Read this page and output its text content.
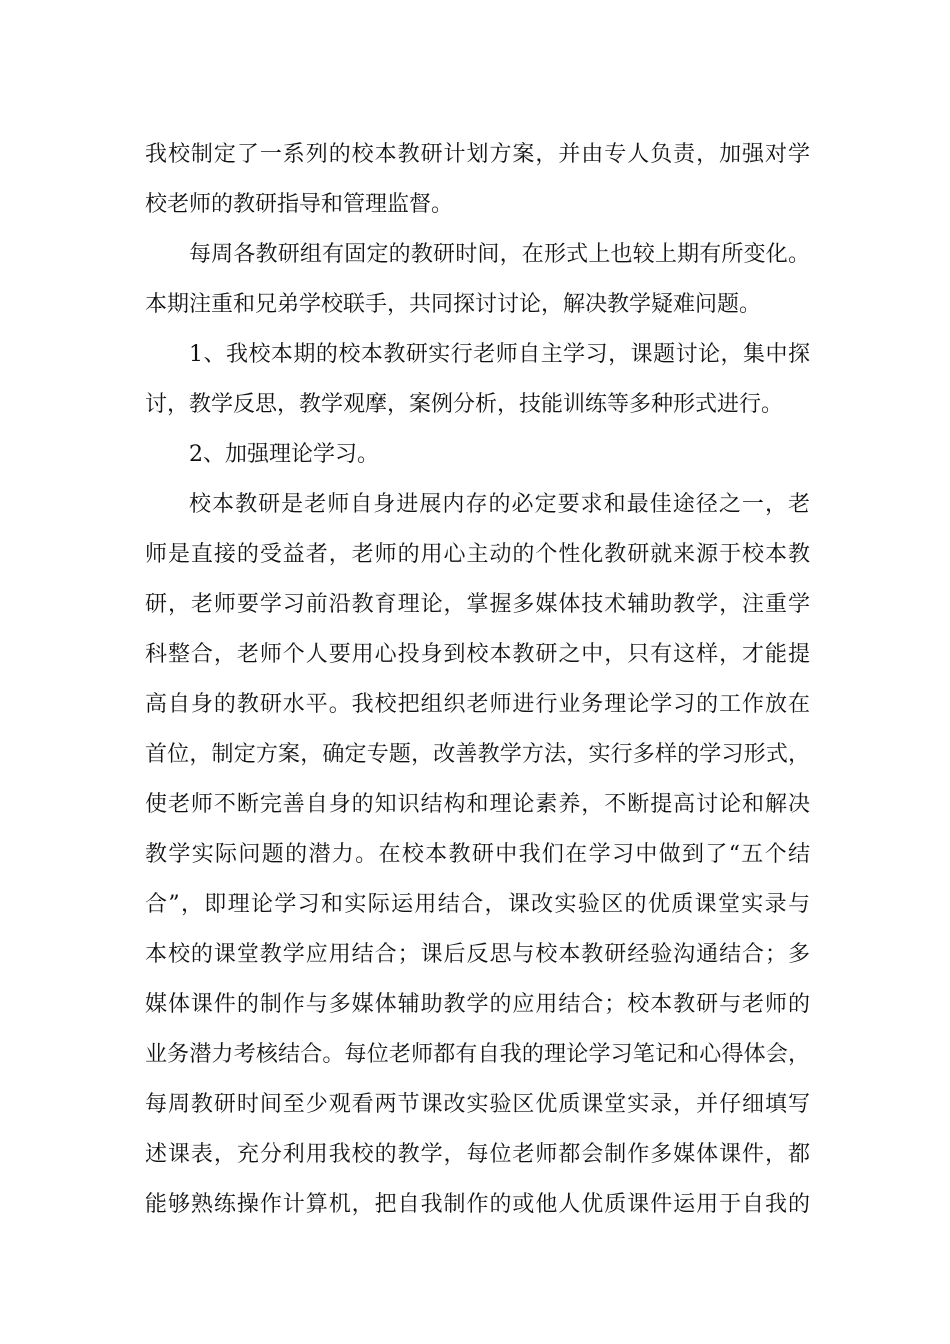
我校制定了一系列的校本教研计划方案，并由专人负责，加强对学
校老师的教研指导和管理监督。
每周各教研组有固定的教研时间，在形式上也较上期有所变化。
本期注重和兄弟学校联手，共同探讨讨论，解决教学疑难问题。
1、我校本期的校本教研实行老师自主学习，课题讨论，集中探
讨，教学反思，教学观摩，案例分析，技能训练等多种形式进行。
2、加强理论学习。
校本教研是老师自身进展内存的必定要求和最佳途径之一，老
师是直接的受益者，老师的用心主动的个性化教研就来源于校本教
研，老师要学习前沿教育理论，掌握多媒体技术辅助教学，注重学
科整合，老师个人要用心投身到校本教研之中，只有这样，才能提
高自身的教研水平。我校把组织老师进行业务理论学习的工作放在
首位，制定方案，确定专题，改善教学方法，实行多样的学习形式，
使老师不断完善自身的知识结构和理论素养，不断提高讨论和解决
教学实际问题的潜力。在校本教研中我们在学习中做到了“五个结
合”，即理论学习和实际运用结合，课改实验区的优质课堂实录与
本校的课堂教学应用结合；课后反思与校本教研经验沟通结合；多
媒体课件的制作与多媒体辅助教学的应用结合；校本教研与老师的
业务潜力考核结合。每位老师都有自我的理论学习笔记和心得体会，
每周教研时间至少观看两节课改实验区优质课堂实录，并仔细填写
述课表，充分利用我校的教学，每位老师都会制作多媒体课件，都
能够熟练操作计算机，把自我制作的或他人优质课件运用于自我的
